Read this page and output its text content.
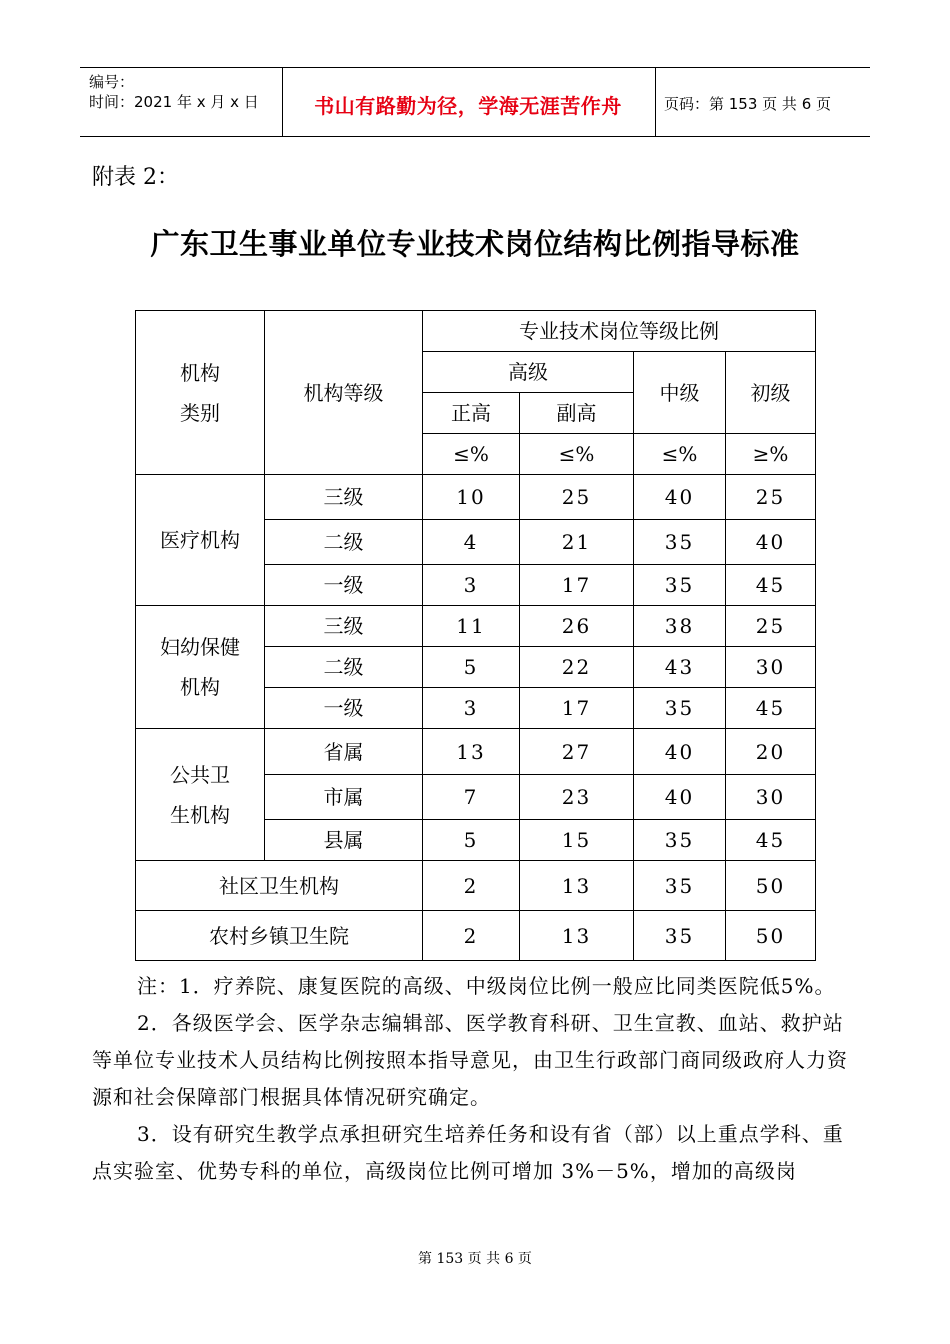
编号：
时间：2021 年 x 月 x 日	书山有路勤为径，学海无涯苦作舟	页码：第 153 页 共 6 页
附表 2：
广东卫生事业单位专业技术岗位结构比例指导标准
机构
类别	机构等级	专业技术岗位等级比例			
		高级		中级	初级
		正高	副高		
		≤%	≤%	≤%	≥%
医疗机构	三级	10	25	40	25
	二级	4	21	35	40
	一级	3	17	35	45

妇幼保健
机构	三级	11	26	38	25
	二级	5	22	43	30
	一级	3	17	35	45

公共卫
生机构	省属	13	27	40	20
	市属	7	23	40	30
	县属	5	15	35	45
社区卫生机构		2	13	35	50
农村乡镇卫生院		2	13	35	50

注：1．疗养院、康复医院的高级、中级岗位比例一般应比同类医院低5%。

2．各级医学会、医学杂志编辑部、医学教育科研、卫生宣教、血站、救护站等单位专业技术人员结构比例按照本指导意见，由卫生行政部门商同级政府人力资源和社会保障部门根据具体情况研究确定。

3．设有研究生教学点承担研究生培养任务和设有省（部）以上重点学科、重点实验室、优势专科的单位，高级岗位比例可增加 3%－5%，增加的高级岗

第 153 页 共 6 页
